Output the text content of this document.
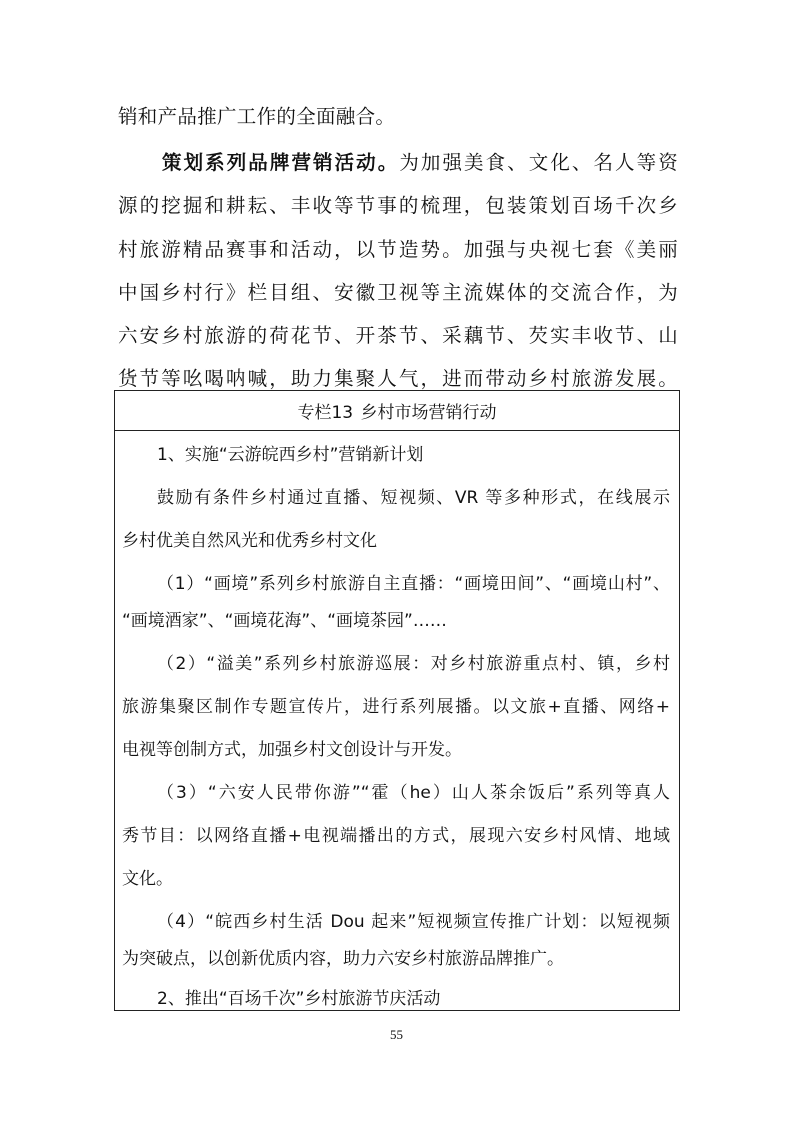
销和产品推广工作的全面融合。
策划系列品牌营销活动。为加强美食、文化、名人等资
源的挖掘和耕耘、丰收等节事的梳理，包装策划百场千次乡
村旅游精品赛事和活动，以节造势。加强与央视七套《美丽
中国乡村行》栏目组、安徽卫视等主流媒体的交流合作，为
六安乡村旅游的荷花节、开茶节、采藕节、芡实丰收节、山
货节等吆喝呐喊，助力集聚人气，进而带动乡村旅游发展。
专栏13 乡村市场营销行动
1、实施“云游皖西乡村”营销新计划
鼓励有条件乡村通过直播、短视频、VR 等多种形式，在线展示
乡村优美自然风光和优秀乡村文化
（1）“画境”系列乡村旅游自主直播：“画境田间”、“画境山村”、
“画境酒家”、“画境花海”、“画境茶园”……
（2）“溢美”系列乡村旅游巡展：对乡村旅游重点村、镇，乡村
旅游集聚区制作专题宣传片，进行系列展播。以文旅+直播、网络+
电视等创制方式，加强乡村文创设计与开发。
（3）“六安人民带你游”“霍（he）山人茶余饭后”系列等真人
秀节目：以网络直播+电视端播出的方式，展现六安乡村风情、地域
文化。
（4）“皖西乡村生活 Dou 起来”短视频宣传推广计划：以短视频
为突破点，以创新优质内容，助力六安乡村旅游品牌推广。
2、推出“百场千次”乡村旅游节庆活动
55
